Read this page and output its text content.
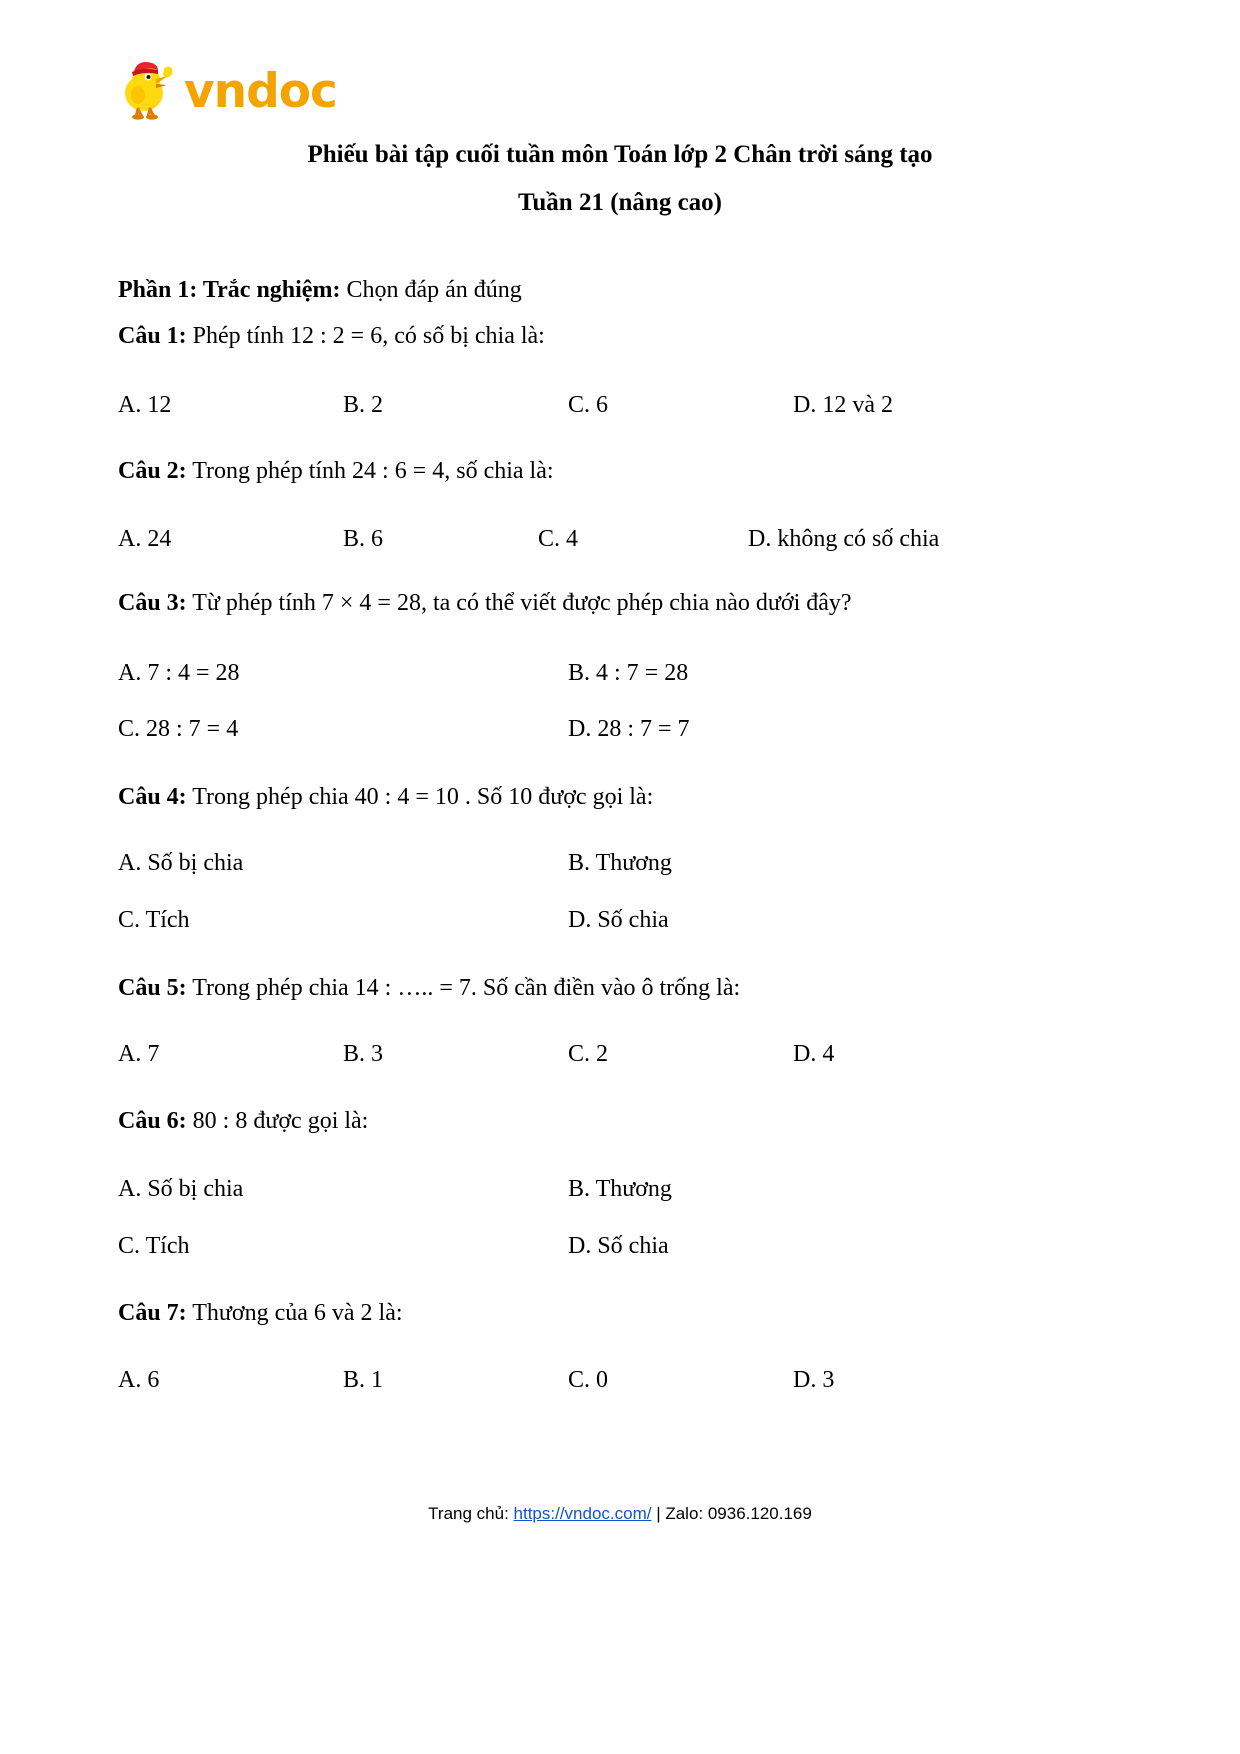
vndoc
Phiếu bài tập cuối tuần môn Toán lớp 2 Chân trời sáng tạo
Tuần 21 (nâng cao)
Phần 1: Trắc nghiệm: Chọn đáp án đúng
Câu 1: Phép tính 12 : 2 = 6, có số bị chia là:
A. 12	B. 2	C. 6	D. 12 và 2
Câu 2: Trong phép tính 24 : 6 = 4, số chia là:
A. 24	B. 6	C. 4	D. không có số chia
Câu 3: Từ phép tính 7 × 4 = 28, ta có thể viết được phép chia nào dưới đây?
A. 7 : 4 = 28	B. 4 : 7 = 28
C. 28 : 7 = 4	D. 28 : 7 = 7
Câu 4: Trong phép chia 40 : 4 = 10 . Số 10 được gọi là:
A. Số bị chia	B. Thương
C. Tích	D. Số chia
Câu 5: Trong phép chia 14 : ….. = 7. Số cần điền vào ô trống là:
A. 7	B. 3	C. 2	D. 4
Câu 6: 80 : 8 được gọi là:
A. Số bị chia	B. Thương
C. Tích	D. Số chia
Câu 7: Thương của 6 và 2 là:
A. 6	B. 1	C. 0	D. 3
Trang chủ: https://vndoc.com/ | Zalo: 0936.120.169
